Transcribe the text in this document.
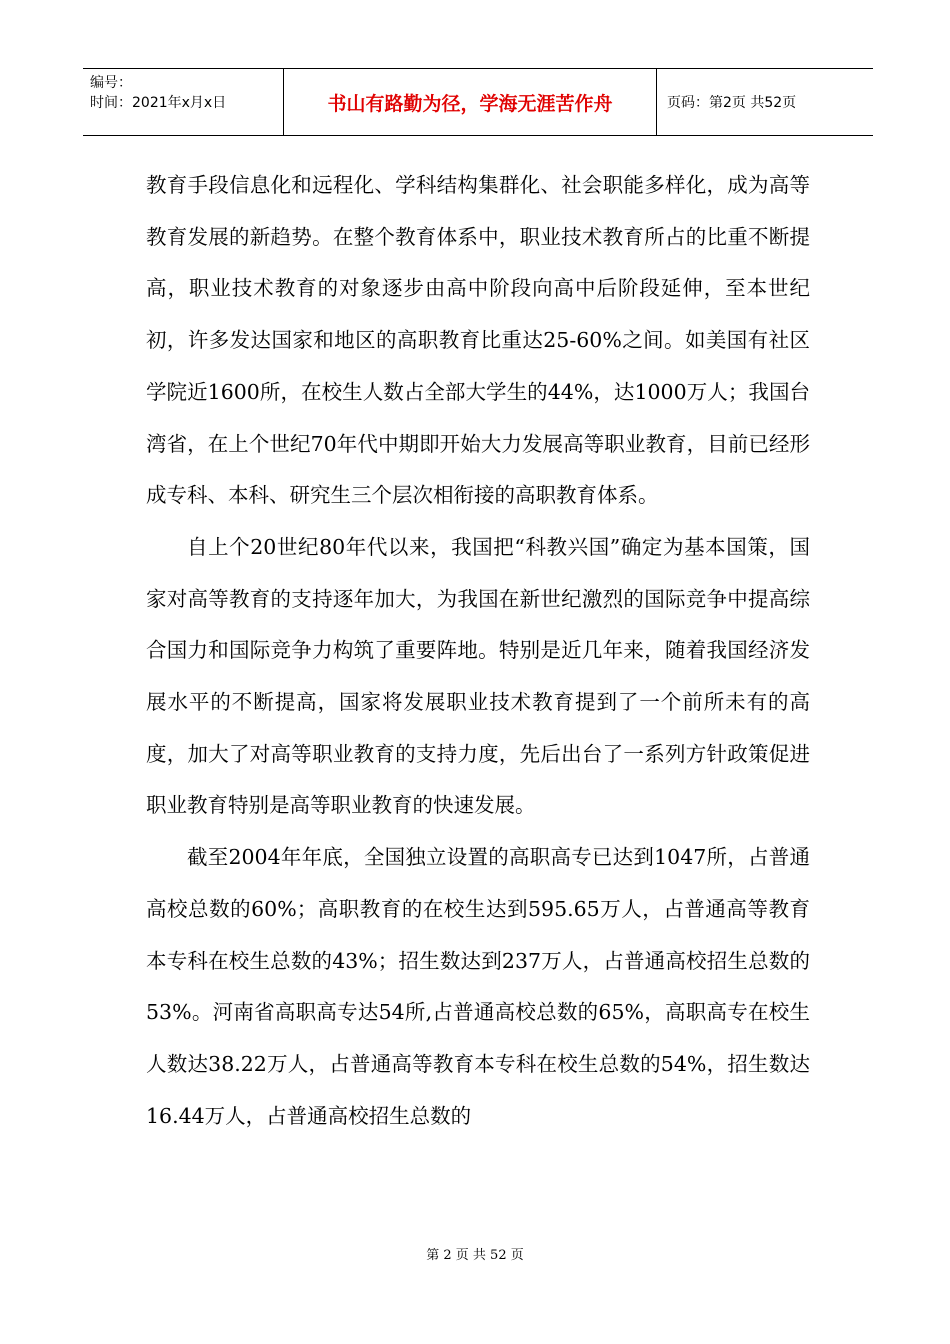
编号：
时间：2021年x月x日	书山有路勤为径，学海无涯苦作舟	页码：第2页 共52页

教育手段信息化和远程化、学科结构集群化、社会职能多样化，成为高等教育发展的新趋势。在整个教育体系中，职业技术教育所占的比重不断提高，职业技术教育的对象逐步由高中阶段向高中后阶段延伸，至本世纪初，许多发达国家和地区的高职教育比重达25-60%之间。如美国有社区学院近1600所，在校生人数占全部大学生的44%，达1000万人；我国台湾省，在上个世纪70年代中期即开始大力发展高等职业教育，目前已经形成专科、本科、研究生三个层次相衔接的高职教育体系。

自上个20世纪80年代以来，我国把“科教兴国”确定为基本国策，国家对高等教育的支持逐年加大，为我国在新世纪激烈的国际竞争中提高综合国力和国际竞争力构筑了重要阵地。特别是近几年来，随着我国经济发展水平的不断提高，国家将发展职业技术教育提到了一个前所未有的高度，加大了对高等职业教育的支持力度，先后出台了一系列方针政策促进职业教育特别是高等职业教育的快速发展。

截至2004年年底，全国独立设置的高职高专已达到1047所，占普通高校总数的60%；高职教育的在校生达到595.65万人，占普通高等教育本专科在校生总数的43%；招生数达到237万人，占普通高校招生总数的53%。河南省高职高专达54所,占普通高校总数的65%，高职高专在校生人数达38.22万人，占普通高等教育本专科在校生总数的54%，招生数达16.44万人，占普通高校招生总数的

第 2 页 共 52 页
